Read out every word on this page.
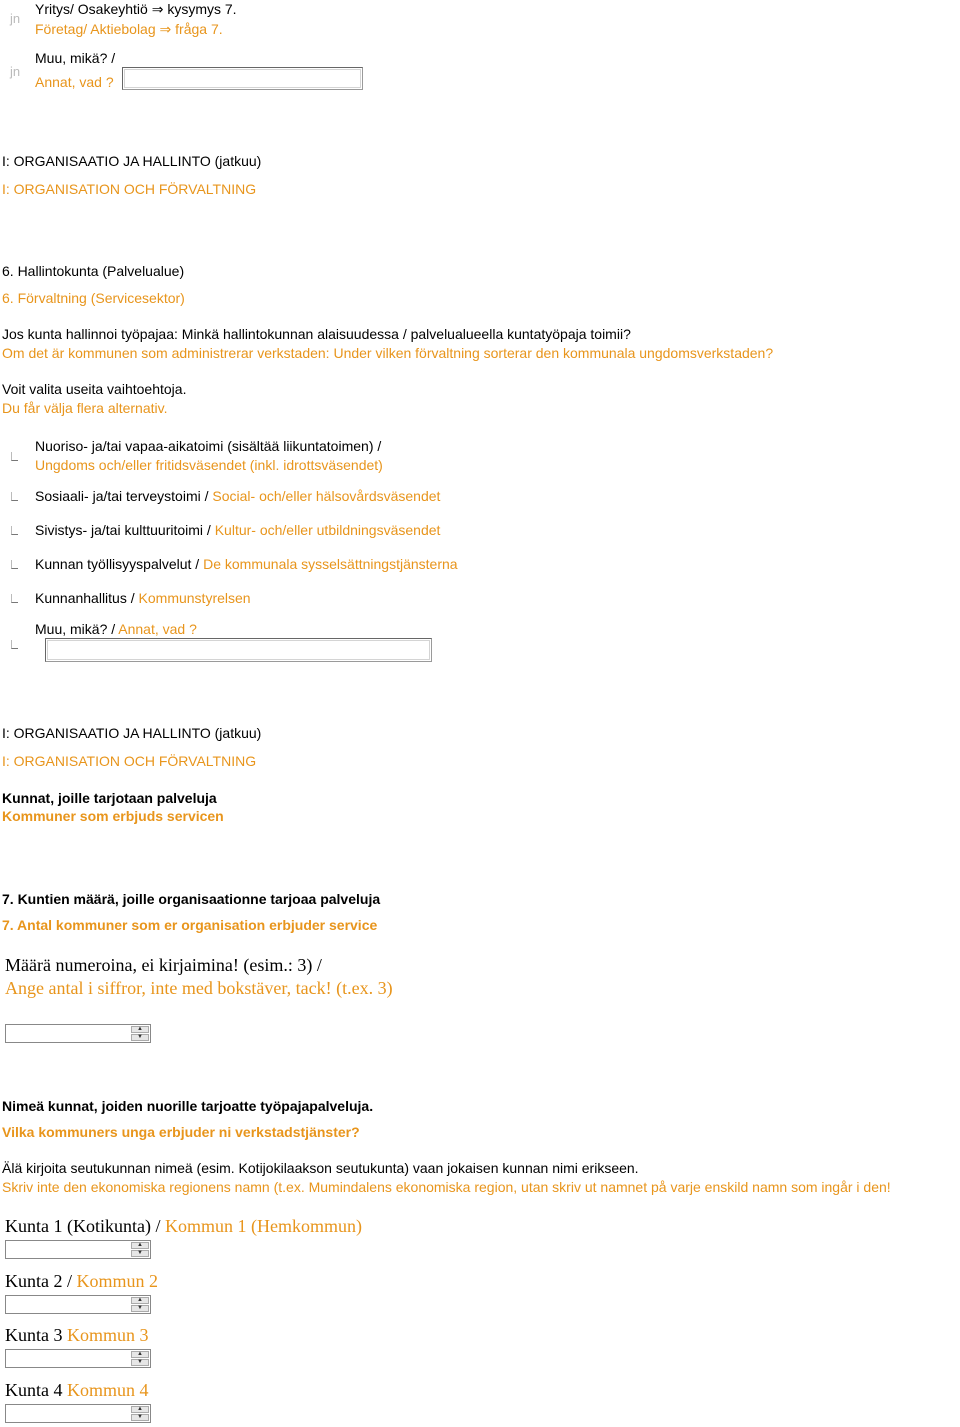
jn
Yritys/ Osakeyhtiö ⇒ kysymys 7.
Företag/ Aktiebolag ⇒ fråga 7.
jn
Muu, mikä? /
Annat, vad ?
I: ORGANISAATIO JA HALLINTO (jatkuu)
I: ORGANISATION OCH FÖRVALTNING
6. Hallintokunta (Palvelualue)
6. Förvaltning (Servicesektor)
Jos kunta hallinnoi työpajaa: Minkä hallintokunnan alaisuudessa / palvelualueella kuntatyöpaja toimii?
Om det är kommunen som administrerar verkstaden: Under vilken förvaltning sorterar den kommunala ungdomsverkstaden?
Voit valita useita vaihtoehtoja.
Du får välja flera alternativ.
Nuoriso- ja/tai vapaa-aikatoimi (sisältää liikuntatoimen) /
Ungdoms och/eller fritidsväsendet (inkl. idrottsväsendet)
Sosiaali- ja/tai terveystoimi / Social- och/eller hälsovårdsväsendet
Sivistys- ja/tai kulttuuritoimi / Kultur- och/eller utbildningsväsendet
Kunnan työllisyyspalvelut / De kommunala sysselsättningstjänsterna
Kunnanhallitus / Kommunstyrelsen
Muu, mikä? / Annat, vad ?
I: ORGANISAATIO JA HALLINTO (jatkuu)
I: ORGANISATION OCH FÖRVALTNING
Kunnat, joille tarjotaan palveluja
Kommuner som erbjuds servicen
7. Kuntien määrä, joille organisaationne tarjoaa palveluja
7. Antal kommuner som er organisation erbjuder service
Määrä numeroina, ei kirjaimina! (esim.: 3) /
Ange antal i siffror, inte med bokstäver, tack! (t.ex. 3)
▲
▼
Nimeä kunnat, joiden nuorille tarjoatte työpajapalveluja.
Vilka kommuners unga erbjuder ni verkstadstjänster?
Älä kirjoita seutukunnan nimeä (esim. Kotijokilaakson seutukunta) vaan jokaisen kunnan nimi erikseen.
Skriv inte den ekonomiska regionens namn (t.ex. Mumindalens ekonomiska region, utan skriv ut namnet på varje enskild namn som ingår i den!
Kunta 1 (Kotikunta) / Kommun 1 (Hemkommun)
▲
▼
Kunta 2 / Kommun 2
▲
▼
Kunta 3 Kommun 3
▲
▼
Kunta 4 Kommun 4
▲
▼
